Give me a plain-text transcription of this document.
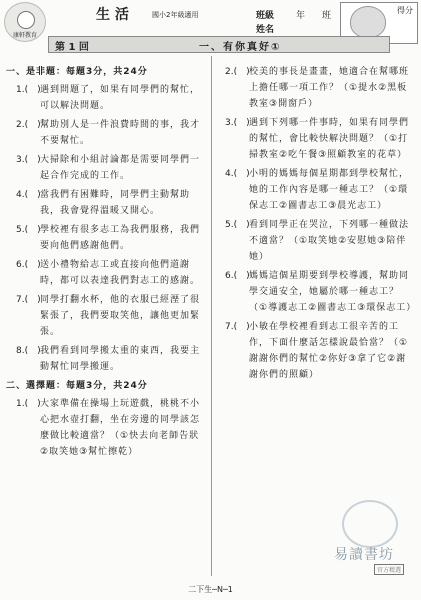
康軒教育
生 活	國小2年級適用	班級 年 班
姓名
得分
第 1 回	一、有你真好①
一、是非題：每題3分，共24分
1.(　) 遇到問題了，如果有同學們的幫忙，可以解決問題。
2.(　) 幫助別人是一件浪費時間的事，我才不要幫忙。
3.(　) 大掃除和小組討論都是需要同學們一起合作完成的工作。
4.(　) 當我們有困難時，同學們主動幫助我，我會覺得溫暖又開心。
5.(　) 學校裡有很多志工為我們服務，我們要向他們感謝他們。
6.(　) 送小禮物給志工或直接向他們道謝時，都可以表達我們對志工的感謝。
7.(　) 同學打翻水杯，他的衣服已經溼了很緊張了，我們要取笑他，讓他更加緊張。
8.(　) 我們看到同學搬太重的東西，我要主動幫忙同學搬運。
二、選擇題：每題3分，共24分
1.(　) 大家準備在操場上玩遊戲，桃桃不小心把水壺打翻，坐在旁邊的同學該怎麼做比較適當？（①快去向老師告狀②取笑她③幫忙擦乾）
2.(　) 校美的事長是畫畫，她適合在幫哪班上擔任哪一項工作？（①提水②黑板教室③開窗戶）
3.(　) 遇到下列哪一件事時，如果有同學們的幫忙，會比較快解決問題？（①打掃教室②吃午餐③照顧教室的花草）
4.(　) 小明的媽媽每個星期都到學校幫忙，她的工作內容是哪一種志工？（①環保志工②圖書志工③晨光志工）
5.(　) 看到同學正在哭泣，下列哪一種做法不適當？（①取笑她②安慰她③陪伴她）
6.(　) 媽媽這個星期要到學校導護，幫助同學交通安全，她屬於哪一種志工？（①導護志工②圖書志工③環保志工）
7.(　) 小敏在學校裡看到志工很辛苦的工作，下面什麼話怎樣說最恰當？（①謝謝你們的幫忙②你好③拿了它②謝謝你們的照顧）
易讀書坊
官方精選
二下生─N─1
